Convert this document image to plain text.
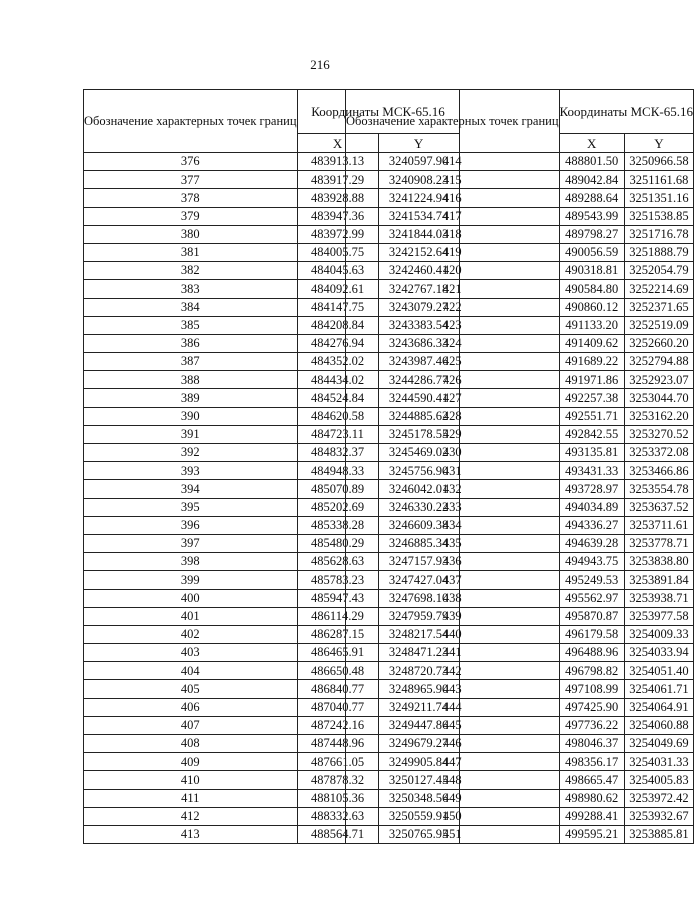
216
Обозначение характерных точек границ	Координаты МСК-65.16	
	X	Y
376	483913.13	3240597.90
377	483917.29	3240908.23
378	483928.88	3241224.94
379	483947.36	3241534.74
380	483972.99	3241844.03
381	484005.75	3242152.64
382	484045.63	3242460.41
383	484092.61	3242767.18
384	484147.75	3243079.27
385	484208.84	3243383.54
386	484276.94	3243686.33
387	484352.02	3243987.46
388	484434.02	3244286.77
389	484524.84	3244590.41
390	484620.58	3244885.62
391	484723.11	3245178.55
392	484832.37	3245469.02
393	484948.33	3245756.90
394	485070.89	3246042.01
395	485202.69	3246330.22
396	485338.28	3246609.38
397	485480.29	3246885.34
398	485628.63	3247157.93
399	485783.23	3247427.04
400	485947.43	3247698.10
401	486114.29	3247959.79
402	486287.15	3248217.54
403	486465.91	3248471.23
404	486650.48	3248720.73
405	486840.77	3248965.90
406	487040.77	3249211.74
407	487242.16	3249447.86
408	487448.96	3249679.27
409	487661.05	3249905.84
410	487878.32	3250127.45
411	488105.36	3250348.56
412	488332.63	3250559.91
413	488564.71	3250765.95
Обозначение характерных точек границ	Координаты МСК-65.16	
	X	Y
414	488801.50	3250966.58
415	489042.84	3251161.68
416	489288.64	3251351.16
417	489543.99	3251538.85
418	489798.27	3251716.78
419	490056.59	3251888.79
420	490318.81	3252054.79
421	490584.80	3252214.69
422	490860.12	3252371.65
423	491133.20	3252519.09
424	491409.62	3252660.20
425	491689.22	3252794.88
426	491971.86	3252923.07
427	492257.38	3253044.70
428	492551.71	3253162.20
429	492842.55	3253270.52
430	493135.81	3253372.08
431	493431.33	3253466.86
432	493728.97	3253554.78
433	494034.89	3253637.52
434	494336.27	3253711.61
435	494639.28	3253778.71
436	494943.75	3253838.80
437	495249.53	3253891.84
438	495562.97	3253938.71
439	495870.87	3253977.58
440	496179.58	3254009.33
441	496488.96	3254033.94
442	496798.82	3254051.40
443	497108.99	3254061.71
444	497425.90	3254064.91
445	497736.22	3254060.88
446	498046.37	3254049.69
447	498356.17	3254031.33
448	498665.47	3254005.83
449	498980.62	3253972.42
450	499288.41	3253932.67
451	499595.21	3253885.81
